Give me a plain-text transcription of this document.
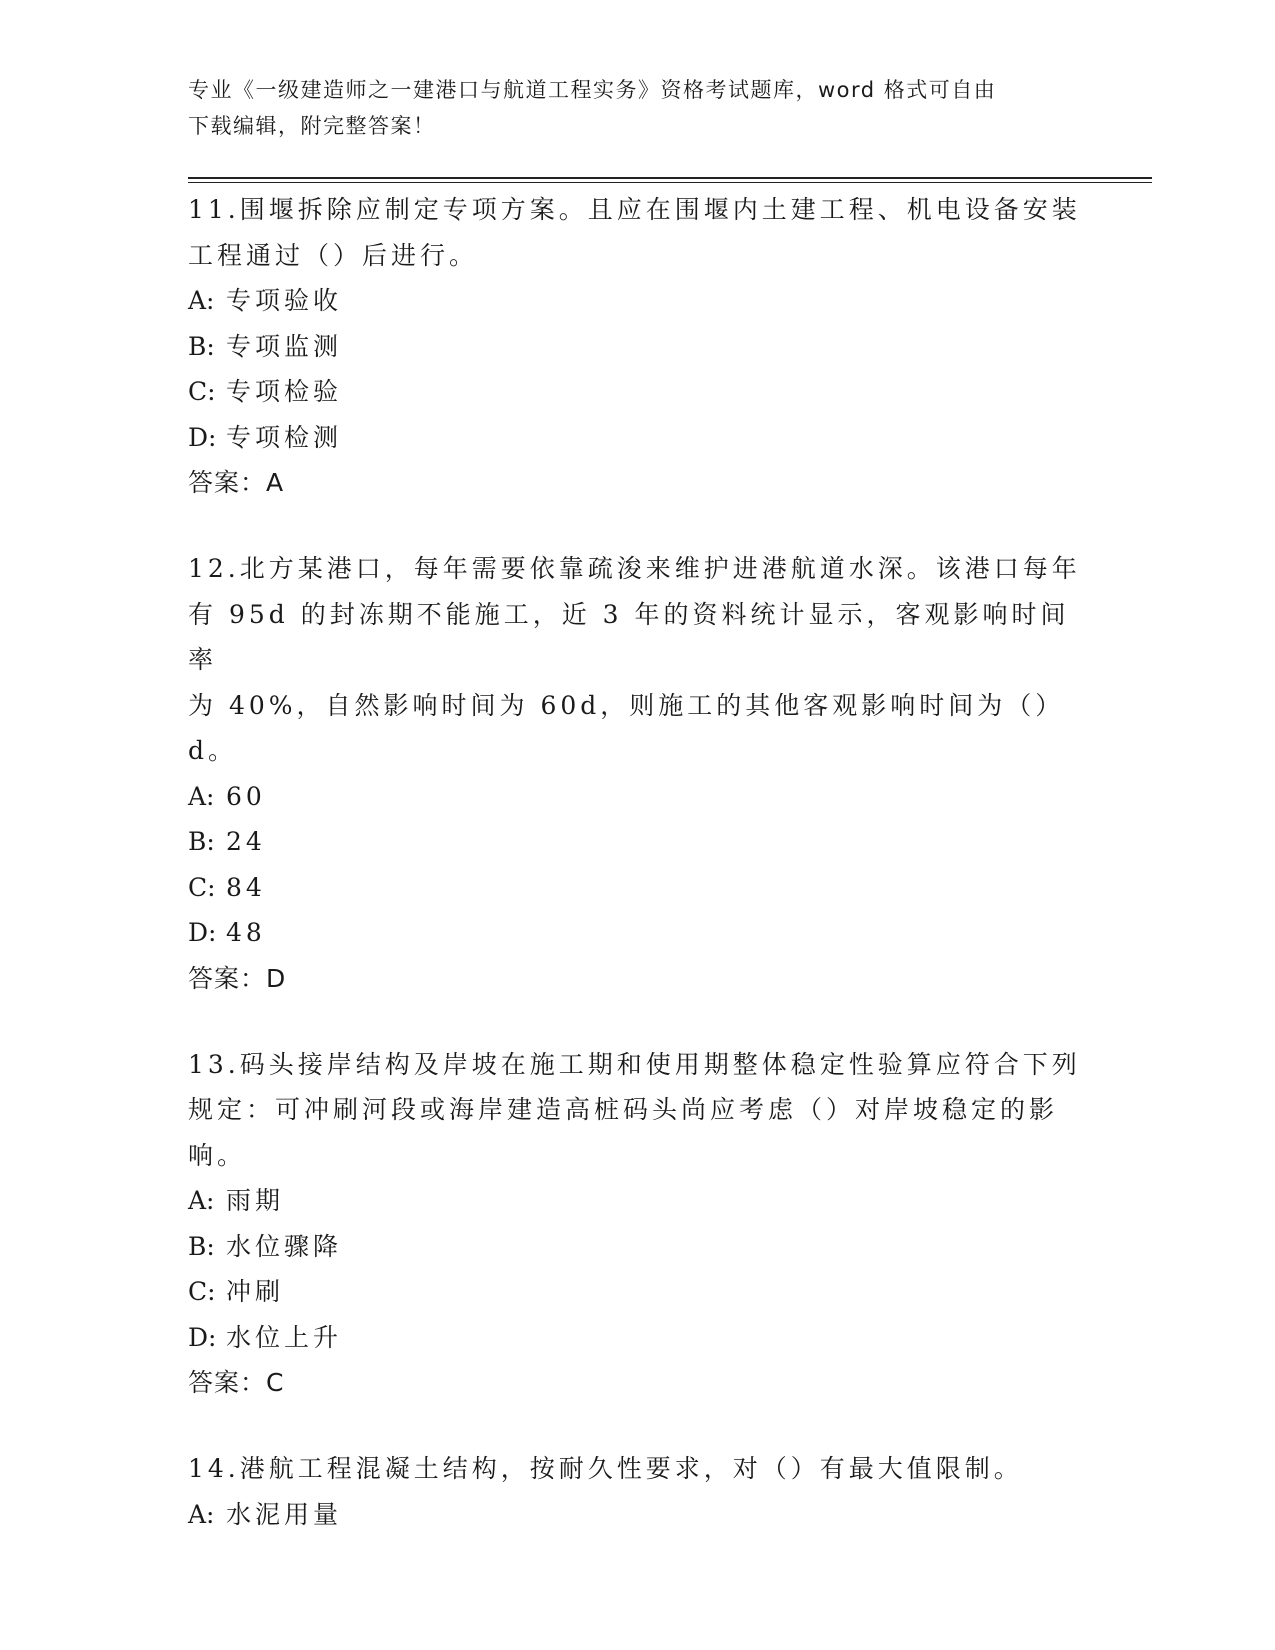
专业《一级建造师之一建港口与航道工程实务》资格考试题库，word 格式可自由
下载编辑，附完整答案！

11.围堰拆除应制定专项方案。且应在围堰内土建工程、机电设备安装
工程通过（）后进行。

A: 专项验收
B: 专项监测
C: 专项检验
D: 专项检测

答案：A

12.北方某港口，每年需要依靠疏浚来维护进港航道水深。该港口每年
有 95d 的封冻期不能施工，近 3 年的资料统计显示，客观影响时间率
为 40%，自然影响时间为 60d，则施工的其他客观影响时间为（）d。

A: 60
B: 24
C: 84
D: 48

答案：D

13.码头接岸结构及岸坡在施工期和使用期整体稳定性验算应符合下列
规定：可冲刷河段或海岸建造高桩码头尚应考虑（）对岸坡稳定的影
响。

A: 雨期
B: 水位骤降
C: 冲刷
D: 水位上升

答案：C

14.港航工程混凝土结构，按耐久性要求，对（）有最大值限制。

A: 水泥用量
